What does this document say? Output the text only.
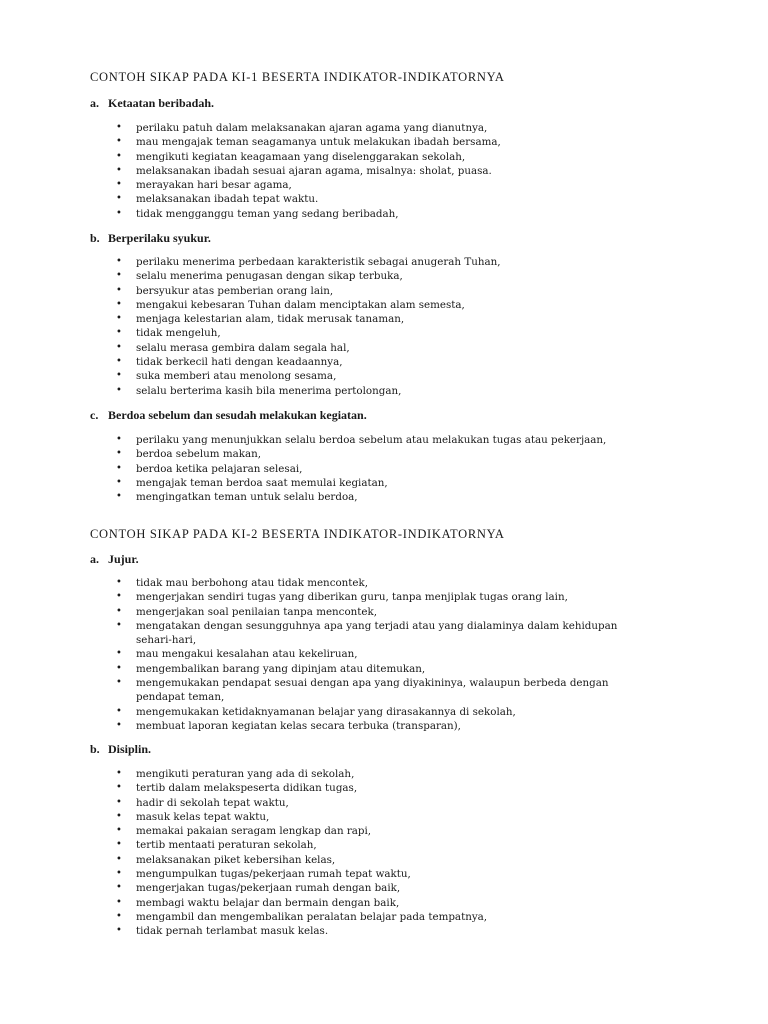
CONTOH SIKAP PADA KI-1 BESERTA INDIKATOR-INDIKATORNYA
a. Ketaatan beribadah.
• perilaku patuh dalam melaksanakan ajaran agama yang dianutnya,
• mau mengajak teman seagamanya untuk melakukan ibadah bersama,
• mengikuti kegiatan keagamaan yang diselenggarakan sekolah,
• melaksanakan ibadah sesuai ajaran agama, misalnya: sholat, puasa.
• merayakan hari besar agama,
• melaksanakan ibadah tepat waktu.
• tidak mengganggu teman yang sedang beribadah,
b. Berperilaku syukur.
• perilaku menerima perbedaan karakteristik sebagai anugerah Tuhan,
• selalu menerima penugasan dengan sikap terbuka,
• bersyukur atas pemberian orang lain,
• mengakui kebesaran Tuhan dalam menciptakan alam semesta,
• menjaga kelestarian alam, tidak merusak tanaman,
• tidak mengeluh,
• selalu merasa gembira dalam segala hal,
• tidak berkecil hati dengan keadaannya,
• suka memberi atau menolong sesama,
• selalu berterima kasih bila menerima pertolongan,
c. Berdoa sebelum dan sesudah melakukan kegiatan.
• perilaku yang menunjukkan selalu berdoa sebelum atau melakukan tugas atau pekerjaan,
• berdoa sebelum makan,
• berdoa ketika pelajaran selesai,
• mengajak teman berdoa saat memulai kegiatan,
• mengingatkan teman untuk selalu berdoa,
CONTOH SIKAP PADA KI-2 BESERTA INDIKATOR-INDIKATORNYA
a. Jujur.
• tidak mau berbohong atau tidak mencontek,
• mengerjakan sendiri tugas yang diberikan guru, tanpa menjiplak tugas orang lain,
• mengerjakan soal penilaian tanpa mencontek,
• mengatakan dengan sesungguhnya apa yang terjadi atau yang dialaminya dalam kehidupan sehari-hari,
• mau mengakui kesalahan atau kekeliruan,
• mengembalikan barang yang dipinjam atau ditemukan,
• mengemukakan pendapat sesuai dengan apa yang diyakininya, walaupun berbeda dengan pendapat teman,
• mengemukakan ketidaknyamanan belajar yang dirasakannya di sekolah,
• membuat laporan kegiatan kelas secara terbuka (transparan),
b. Disiplin.
• mengikuti peraturan yang ada di sekolah,
• tertib dalam melakspeserta didikan tugas,
• hadir di sekolah tepat waktu,
• masuk kelas tepat waktu,
• memakai pakaian seragam lengkap dan rapi,
• tertib mentaati peraturan sekolah,
• melaksanakan piket kebersihan kelas,
• mengumpulkan tugas/pekerjaan rumah tepat waktu,
• mengerjakan tugas/pekerjaan rumah dengan baik,
• membagi waktu belajar dan bermain dengan baik,
• mengambil dan mengembalikan peralatan belajar pada tempatnya,
• tidak pernah terlambat masuk kelas.
